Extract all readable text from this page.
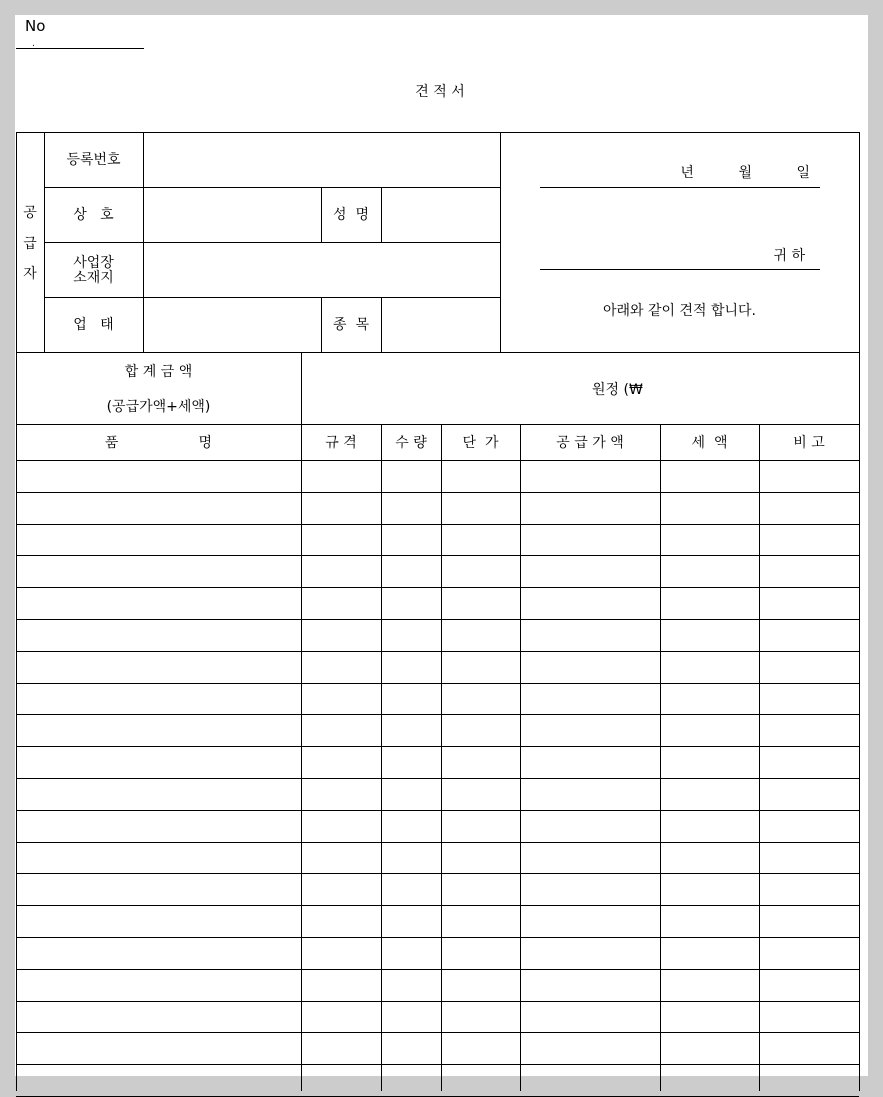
No
.
견 적 서
공
급
자
등록번호
상   호	성  명
사업장
소재지
업   태	종  목
년          월          일
귀 하
아래와 같이 견적 합니다.
합 계 금 액
(공급가액+세액)
원정 (₩
품                  명	규 격	수 량	단  가	공 급 가 액	세  액	비 고
